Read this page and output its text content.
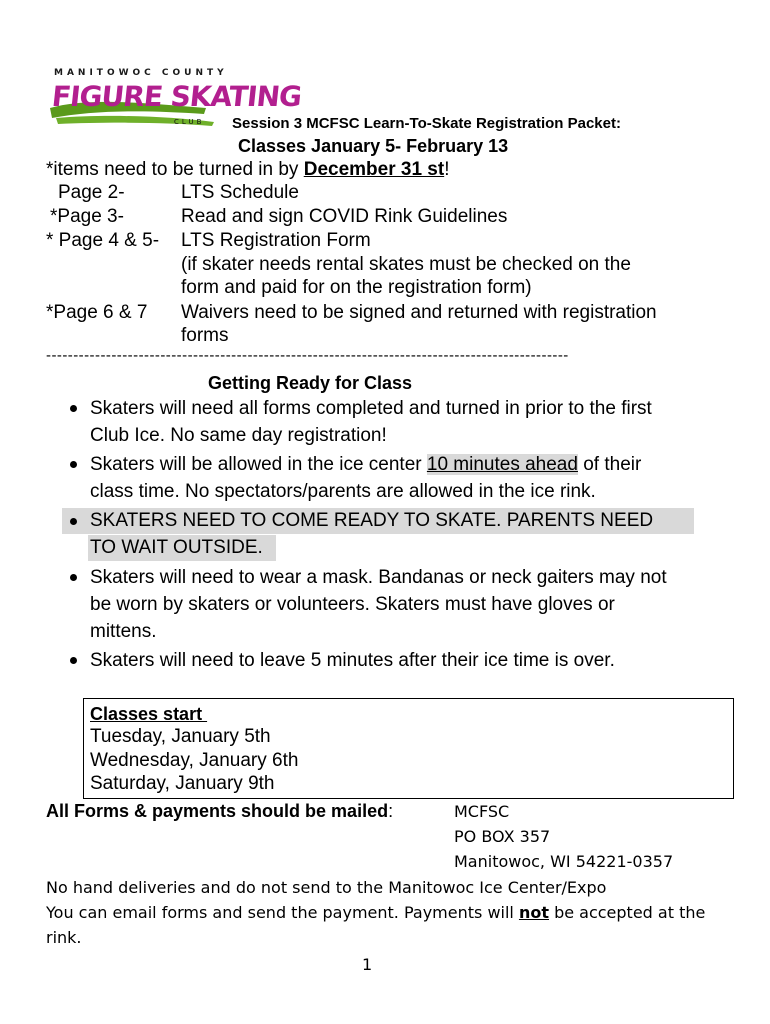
MANITOWOC COUNTY
FIGURE SKATING
CLUB Session 3 MCFSC Learn-To-Skate Registration Packet:
Classes January 5- February 13
*items need to be turned in by December 31 st!
Page 2-	LTS Schedule
*Page 3-	Read and sign COVID Rink Guidelines
* Page 4 & 5- LTS Registration Form
(if skater needs rental skates must be checked on the
form and paid for on the registration form)
*Page 6 & 7 Waivers need to be signed and returned with registration
forms
------------------------------------------------------------------------------------------------
Getting Ready for Class
Skaters will need all forms completed and turned in prior to the first
Club Ice. No same day registration!
Skaters will be allowed in the ice center 10 minutes ahead of their
class time. No spectators/parents are allowed in the ice rink.
SKATERS NEED TO COME READY TO SKATE. PARENTS NEED
TO WAIT OUTSIDE.
Skaters will need to wear a mask. Bandanas or neck gaiters may not
be worn by skaters or volunteers. Skaters must have gloves or
mittens.
Skaters will need to leave 5 minutes after their ice time is over.
Classes start
Tuesday, January 5th
Wednesday, January 6th
Saturday, January 9th
All Forms & payments should be mailed:	MCFSC
PO BOX 357
Manitowoc, WI 54221-0357
No hand deliveries and do not send to the Manitowoc Ice Center/Expo
You can email forms and send the payment. Payments will not be accepted at the
rink.
1
